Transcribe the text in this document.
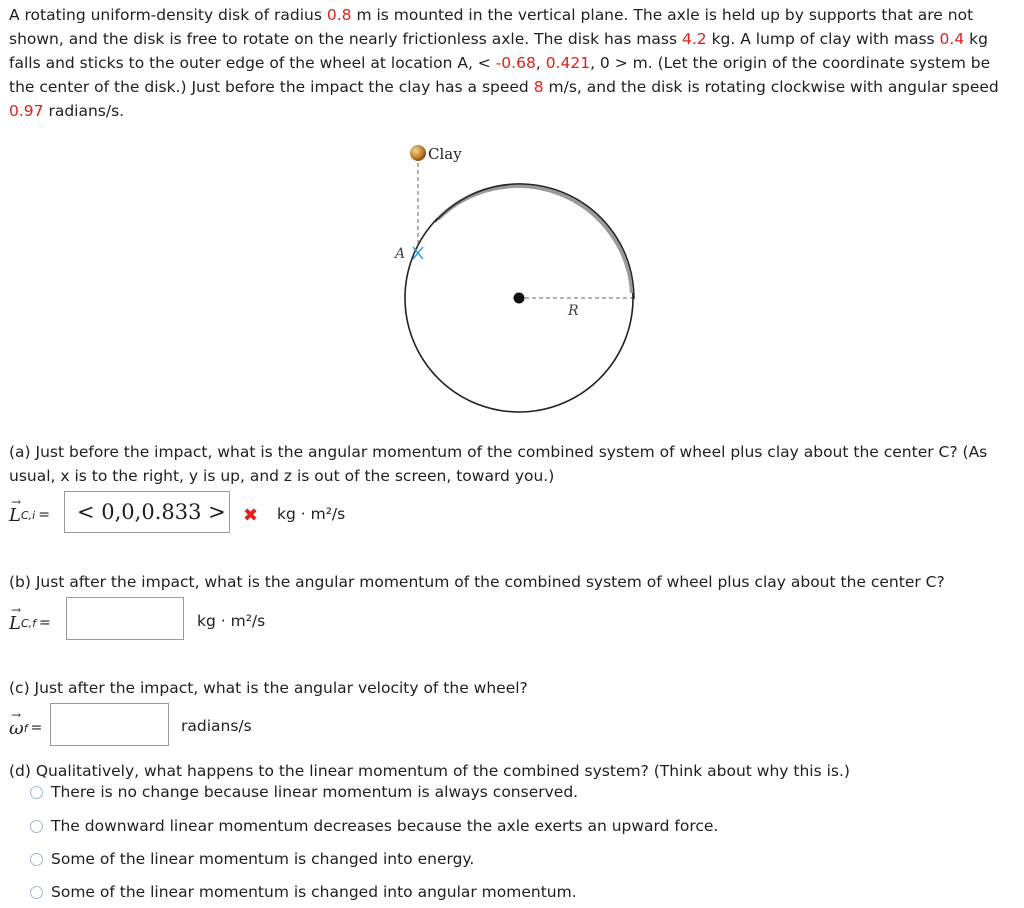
A rotating uniform-density disk of radius 0.8 m is mounted in the vertical plane. The axle is held up by supports that are not shown, and the disk is free to rotate on the nearly frictionless axle. The disk has mass 4.2 kg. A lump of clay with mass 0.4 kg falls and sticks to the outer edge of the wheel at location A, < -0.68, 0.421, 0 > m. (Let the origin of the coordinate system be the center of the disk.) Just before the impact the clay has a speed 8 m/s, and the disk is rotating clockwise with angular speed 0.97 radians/s.

Clay
A
R

(a) Just before the impact, what is the angular momentum of the combined system of wheel plus clay about the center C? (As usual, x is to the right, y is up, and z is out of the screen, toward you.)

→
L C,i = < 0,0,0.833 > ✖ kg · m²/s

(b) Just after the impact, what is the angular momentum of the combined system of wheel plus clay about the center C?

→
L C,f =	kg · m²/s

(c) Just after the impact, what is the angular velocity of the wheel?

→
ω f =	radians/s

(d) Qualitatively, what happens to the linear momentum of the combined system? (Think about why this is.)

There is no change because linear momentum is always conserved.
The downward linear momentum decreases because the axle exerts an upward force.
Some of the linear momentum is changed into energy.
Some of the linear momentum is changed into angular momentum.
